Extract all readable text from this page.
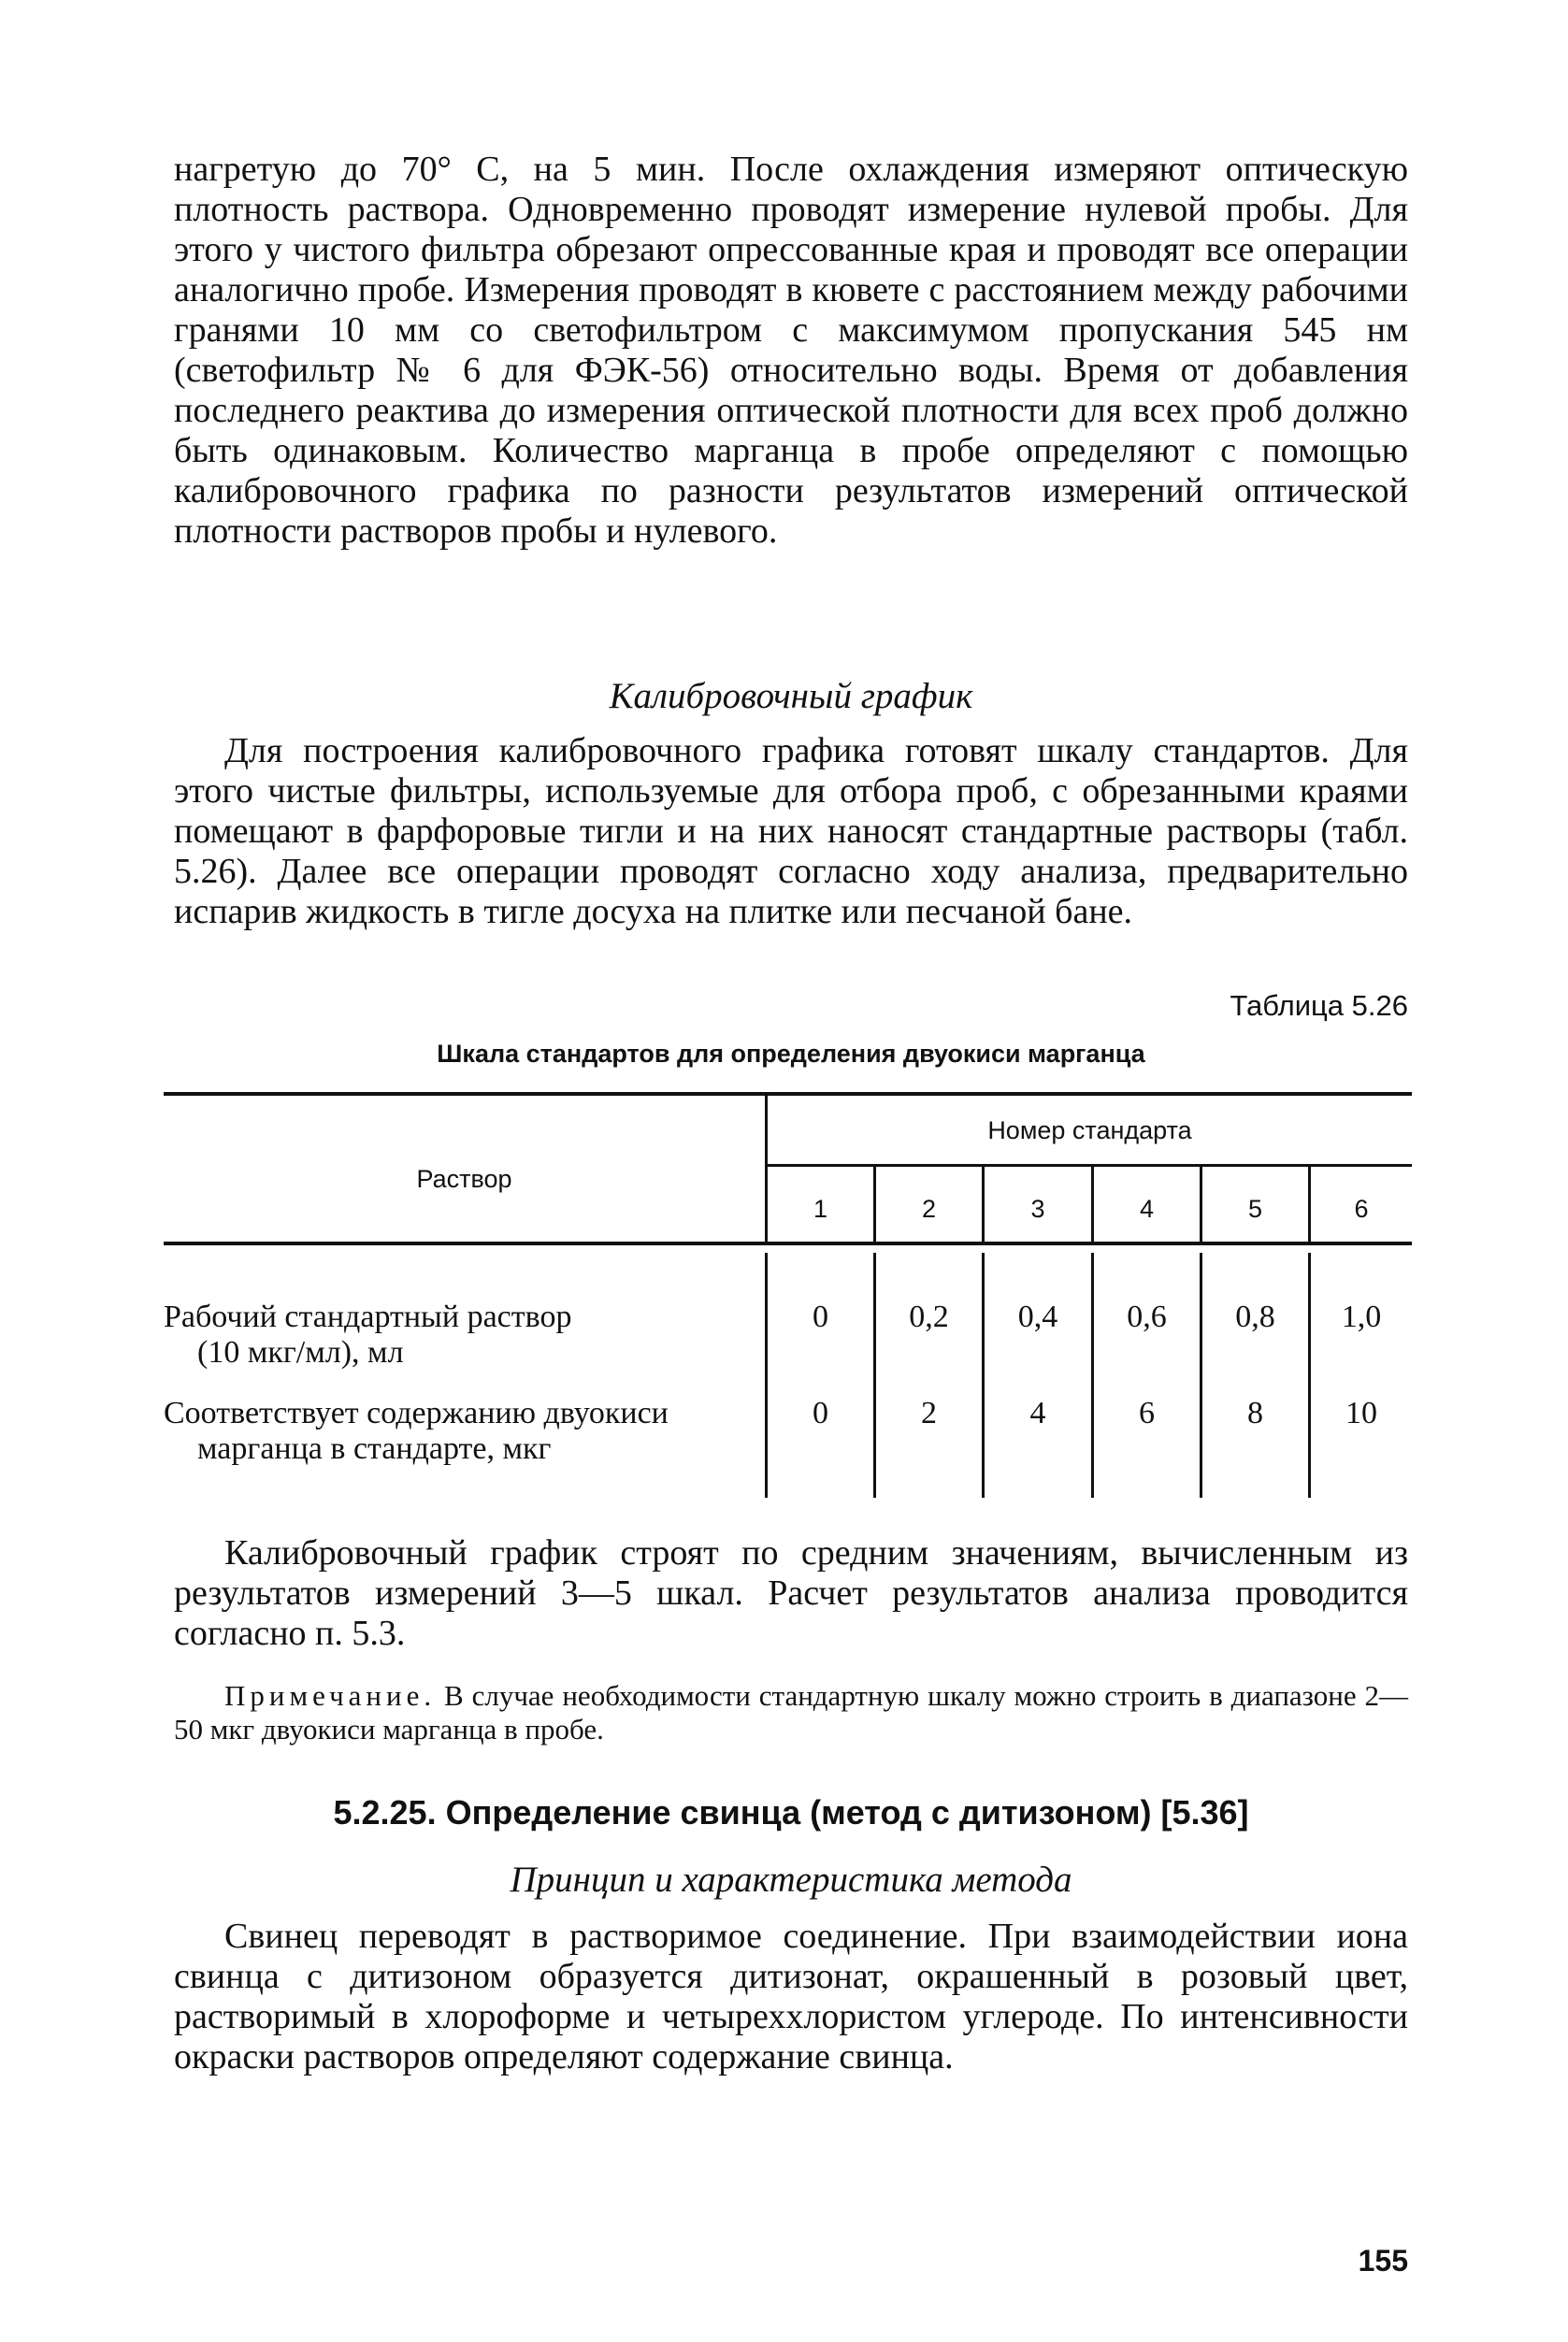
нагретую до 70° С, на 5 мин. После охлаждения измеряют оптическую плотность раствора. Одновременно проводят измерение нулевой пробы. Для этого у чистого фильтра обрезают опрессованные края и проводят все операции аналогично пробе. Измерения проводят в кювете с расстоянием между рабочими гранями 10 мм со светофильтром с максимумом пропускания 545 нм (светофильтр № 6 для ФЭК-56) относительно воды. Время от добавления последнего реактива до измерения оптической плотности для всех проб должно быть одинаковым. Количество марганца в пробе определяют с помощью калибровочного графика по разности результатов измерений оптической плотности растворов пробы и нулевого.

Калибровочный график

Для построения калибровочного графика готовят шкалу стандартов. Для этого чистые фильтры, используемые для отбора проб, с обрезанными краями помещают в фарфоровые тигли и на них наносят стандартные растворы (табл. 5.26). Далее все операции проводят согласно ходу анализа, предварительно испарив жидкость в тигле досуха на плитке или песчаной бане.

Таблица 5.26
Шкала стандартов для определения двуокиси марганца
Раствор
Номер стандарта
1	2	3	4	5	6
Рабочий стандартный раствор
(10 мкг/мл), мл
0	0,2	0,4	0,6	0,8	1,0
Соответствует содержанию двуокиси
марганца в стандарте, мкг
0	2	4	6	8	10

Калибровочный график строят по средним значениям, вычисленным из результатов измерений 3—5 шкал. Расчет результатов анализа проводится согласно п. 5.3.

Примечание. В случае необходимости стандартную шкалу можно строить в диапазоне 2—50 мкг двуокиси марганца в пробе.

5.2.25. Определение свинца (метод с дитизоном) [5.36]
Принцип и характеристика метода

Свинец переводят в растворимое соединение. При взаимодействии иона свинца с дитизоном образуется дитизонат, окрашенный в розовый цвет, растворимый в хлороформе и четыреххлористом углероде. По интенсивности окраски растворов определяют содержание свинца.

155
